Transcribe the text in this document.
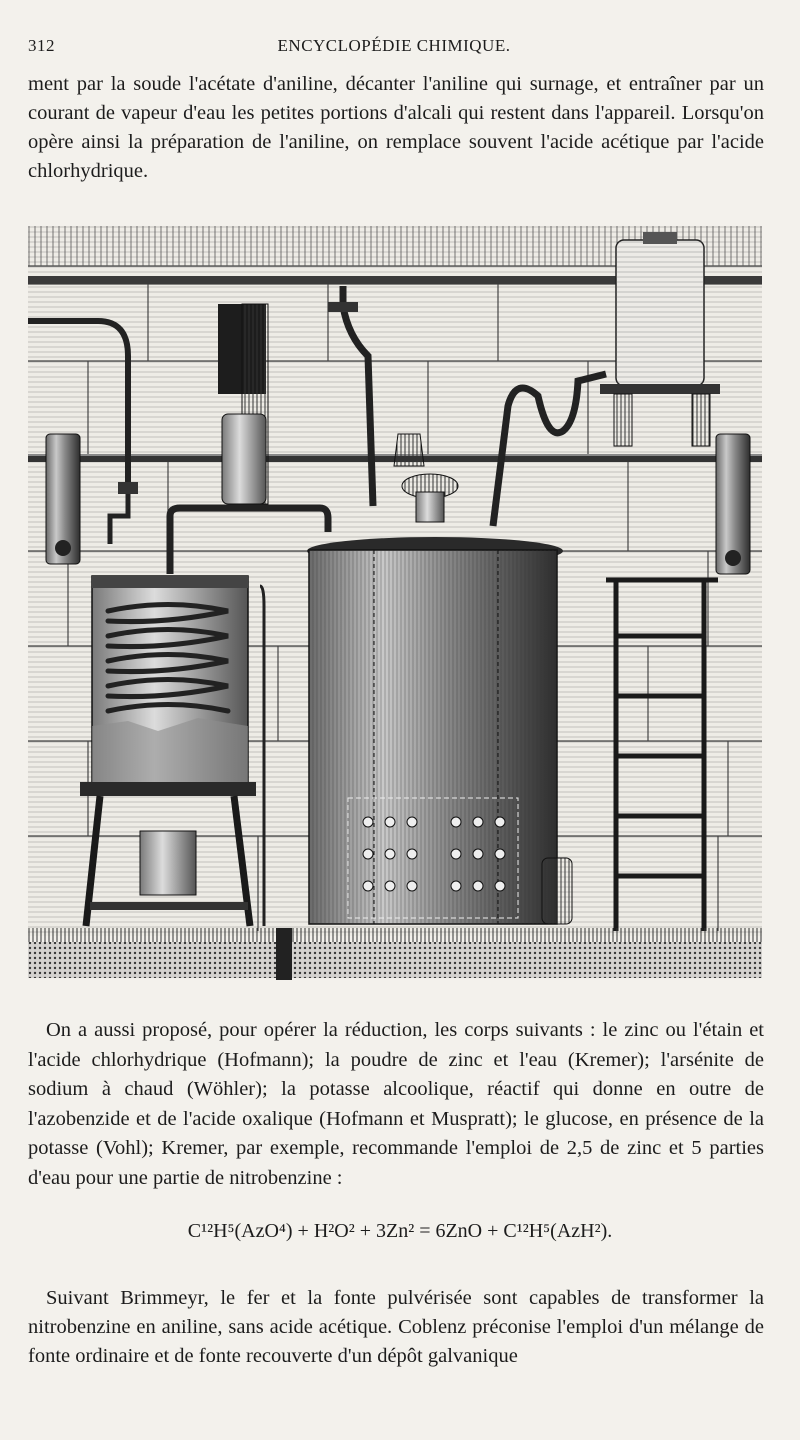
312	ENCYCLOPÉDIE CHIMIQUE.

ment par la soude l'acétate d'aniline, décanter l'aniline qui surnage, et entraîner par un courant de vapeur d'eau les petites portions d'alcali qui restent dans l'appareil. Lorsqu'on opère ainsi la préparation de l'aniline, on remplace souvent l'acide acétique par l'acide chlorhydrique.

On a aussi proposé, pour opérer la réduction, les corps suivants : le zinc ou l'étain et l'acide chlorhydrique (Hofmann); la poudre de zinc et l'eau (Kremer); l'arsénite de sodium à chaud (Wöhler); la potasse alcoolique, réactif qui donne en outre de l'azobenzide et de l'acide oxalique (Hofmann et Muspratt); le glucose, en présence de la potasse (Vohl); Kremer, par exemple, recommande l'emploi de 2,5 de zinc et 5 parties d'eau pour une partie de nitrobenzine :

C¹²H⁵(AzO⁴) + H²O² + 3Zn² = 6ZnO + C¹²H⁵(AzH²).

Suivant Brimmeyr, le fer et la fonte pulvérisée sont capables de transformer la nitrobenzine en aniline, sans acide acétique. Coblenz préconise l'emploi d'un mélange de fonte ordinaire et de fonte recouverte d'un dépôt galvanique
